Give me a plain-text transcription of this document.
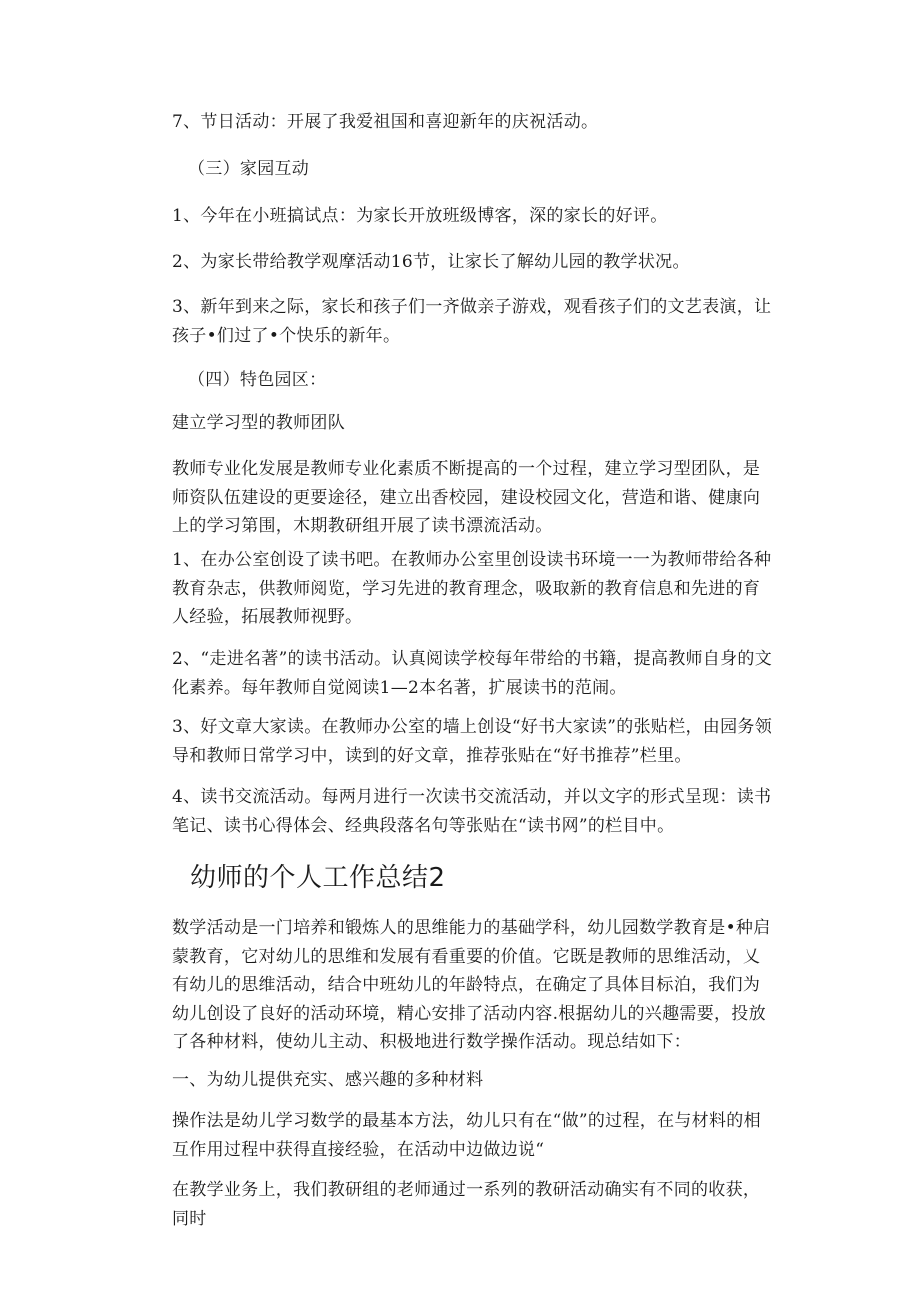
7、节日活动：开展了我爱祖国和喜迎新年的庆祝活动。

（三）家园互动

1、今年在小班搞试点：为家长开放班级博客，深的家长的好评。

2、为家长带给教学观摩活动16节，让家长了解幼儿园的教学状况。

3、新年到来之际，家长和孩子们一齐做亲子游戏，观看孩子们的文艺表演，让孩子•们过了•个快乐的新年。

（四）特色园区：

建立学习型的教师团队

教师专业化发展是教师专业化素质不断提高的一个过程，建立学习型团队，是师资队伍建设的更要途径，建立出香校园，建设校园文化，营造和谐、健康向上的学习第围，木期教研组开展了读书漂流活动。

1、在办公室创设了读书吧。在教师办公室里创设读书环境一一为教师带给各种教育杂志，供教师阅览，学习先进的教育理念，吸取新的教育信息和先进的育人经验，拓展教师视野。

2、“走进名著”的读书活动。认真阅读学校每年带给的书籍，提高教师自身的文化素养。每年教师自觉阅读1—2本名著，扩展读书的范闹。

3、好文章大家读。在教师办公室的墙上创设“好书大家读”的张贴栏，由园务领导和教师日常学习中，读到的好文章，推荐张贴在“好书推荐”栏里。

4、读书交流活动。每两月进行一次读书交流活动，并以文字的形式呈现：读书笔记、读书心得体会、经典段落名句等张贴在“读书网”的栏目中。

幼师的个人工作总结2

数学活动是一门培养和锻炼人的思维能力的基础学科，幼儿园数学教育是•种启蒙教育，它对幼儿的思维和发展有看重要的价值。它既是教师的思维活动，乂有幼儿的思维活动，结合中班幼儿的年龄特点，在确定了具体目标泊，我们为幼儿创设了良好的活动环境，精心安排了活动内容.根据幼儿的兴趣需要，投放了各种材料，使幼儿主动、积极地进行数学操作活动。现总结如下：

一、为幼儿提供充实、感兴趣的多种材料

操作法是幼儿学习数学的最基本方法，幼儿只有在“做”的过程，在与材料的相互作用过程中获得直接经验，在活动中边做边说“

在教学业务上，我们教研组的老师通过一系列的教研活动确实有不同的收获，同时
